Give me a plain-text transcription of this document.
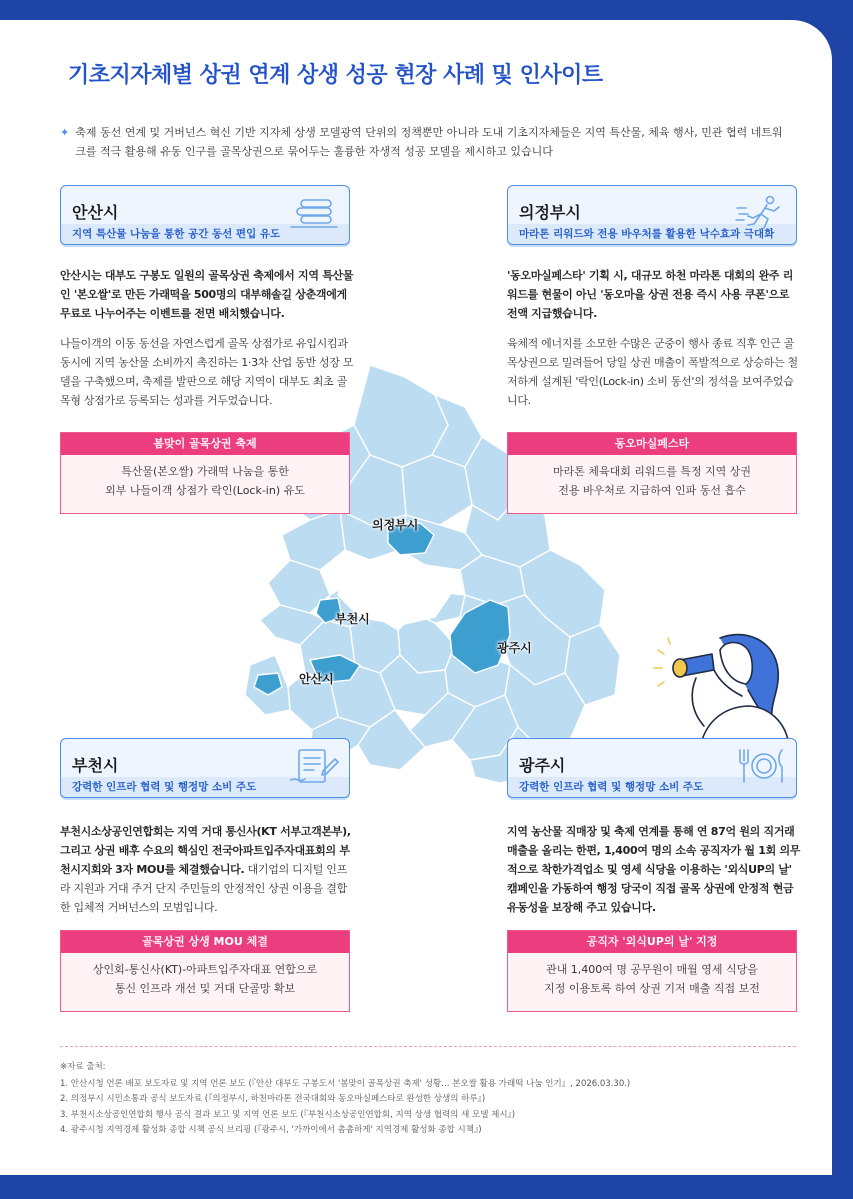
기초지자체별 상권 연계 상생 성공 현장 사례 및 인사이트
✦ 축제 동선 연계 및 거버넌스 혁신 기반 지자체 상생 모델광역 단위의 정책뿐만 아니라 도내 기초지자체들은 지역 특산물, 체육 행사, 민관 협력 네트워크를 적극 활용해 유동 인구를 골목상권으로 묶어두는 훌륭한 자생적 성공 모델을 제시하고 있습니다
의정부시
부천시
광주시
안산시
안산시
지역 특산물 나눔을 통한 공간 동선 편입 유도

안산시는 대부도 구봉도 일원의 골목상권 축제에서 지역 특산물인 '본오쌀'로 만든 가래떡을 500명의 대부해솔길 상춘객에게 무료로 나누어주는 이벤트를 전면 배치했습니다.

나들이객의 이동 동선을 자연스럽게 골목 상점가로 유입시킴과 동시에 지역 농산물 소비까지 촉진하는 1·3차 산업 동반 성장 모델을 구축했으며, 축제를 발판으로 해당 지역이 대부도 최초 골목형 상점가로 등록되는 성과를 거두었습니다.

봄맞이 골목상권 축제
특산물(본오쌀) 가래떡 나눔을 통한
외부 나들이객 상점가 락인(Lock-in) 유도
의정부시
마라톤 리워드와 전용 바우처를 활용한 낙수효과 극대화

'동오마실페스타' 기획 시, 대규모 하천 마라톤 대회의 완주 리워드를 현물이 아닌 '동오마을 상권 전용 즉시 사용 쿠폰'으로 전액 지급했습니다.

육체적 에너지를 소모한 수많은 군중이 행사 종료 직후 인근 골목상권으로 밀려들어 당일 상권 매출이 폭발적으로 상승하는 철저하게 설계된 '락인(Lock-in) 소비 동선'의 정석을 보여주었습니다.

동오마실페스타
마라톤 체육대회 리워드를 특정 지역 상권
전용 바우처로 지급하여 인파 동선 흡수
부천시
강력한 인프라 협력 및 행정망 소비 주도

부천시소상공인연합회는 지역 거대 통신사(KT 서부고객본부), 그리고 상권 배후 수요의 핵심인 전국아파트입주자대표회의 부천시지회와 3자 MOU를 체결했습니다. 대기업의 디지털 인프라 지원과 거대 주거 단지 주민들의 안정적인 상권 이용을 결합한 입체적 거버넌스의 모범입니다.

골목상권 상생 MOU 체결
상인회-통신사(KT)-아파트입주자대표 연합으로
통신 인프라 개선 및 거대 단골망 확보
광주시
강력한 인프라 협력 및 행정망 소비 주도

지역 농산물 직매장 및 축제 연계를 통해 연 87억 원의 직거래 매출을 올리는 한편, 1,400여 명의 소속 공직자가 월 1회 의무적으로 착한가격업소 및 영세 식당을 이용하는 '외식UP의 날' 캠페인을 가동하여 행정 당국이 직접 골목 상권에 안정적 현금 유동성을 보장해 주고 있습니다.

공직자 '외식UP의 날' 지정
관내 1,400여 명 공무원이 매월 영세 식당을
지정 이용토록 하여 상권 기저 매출 직접 보전
※자료 출처:
1. 안산시청 언론 배포 보도자료 및 지역 언론 보도 (『안산 대부도 구봉도서 '봄맞이 골목상권 축제' 성황… 본오쌀 활용 가래떡 나눔 인기』, 2026.03.30.)
2. 의정부시 시민소통과 공식 보도자료 (『의정부시, 하천마라톤 전국대회와 동오마실페스타로 완성한 상생의 하루』)
3. 부천시소상공인연합회 행사 공식 결과 보고 및 지역 언론 보도 (『부천시소상공인연합회, 지역 상생 협력의 새 모델 제시』)
4. 광주시청 지역경제 활성화 종합 시책 공식 브리핑 (『광주시, '가까이에서 촘촘하게' 지역경제 활성화 종합 시책』)
